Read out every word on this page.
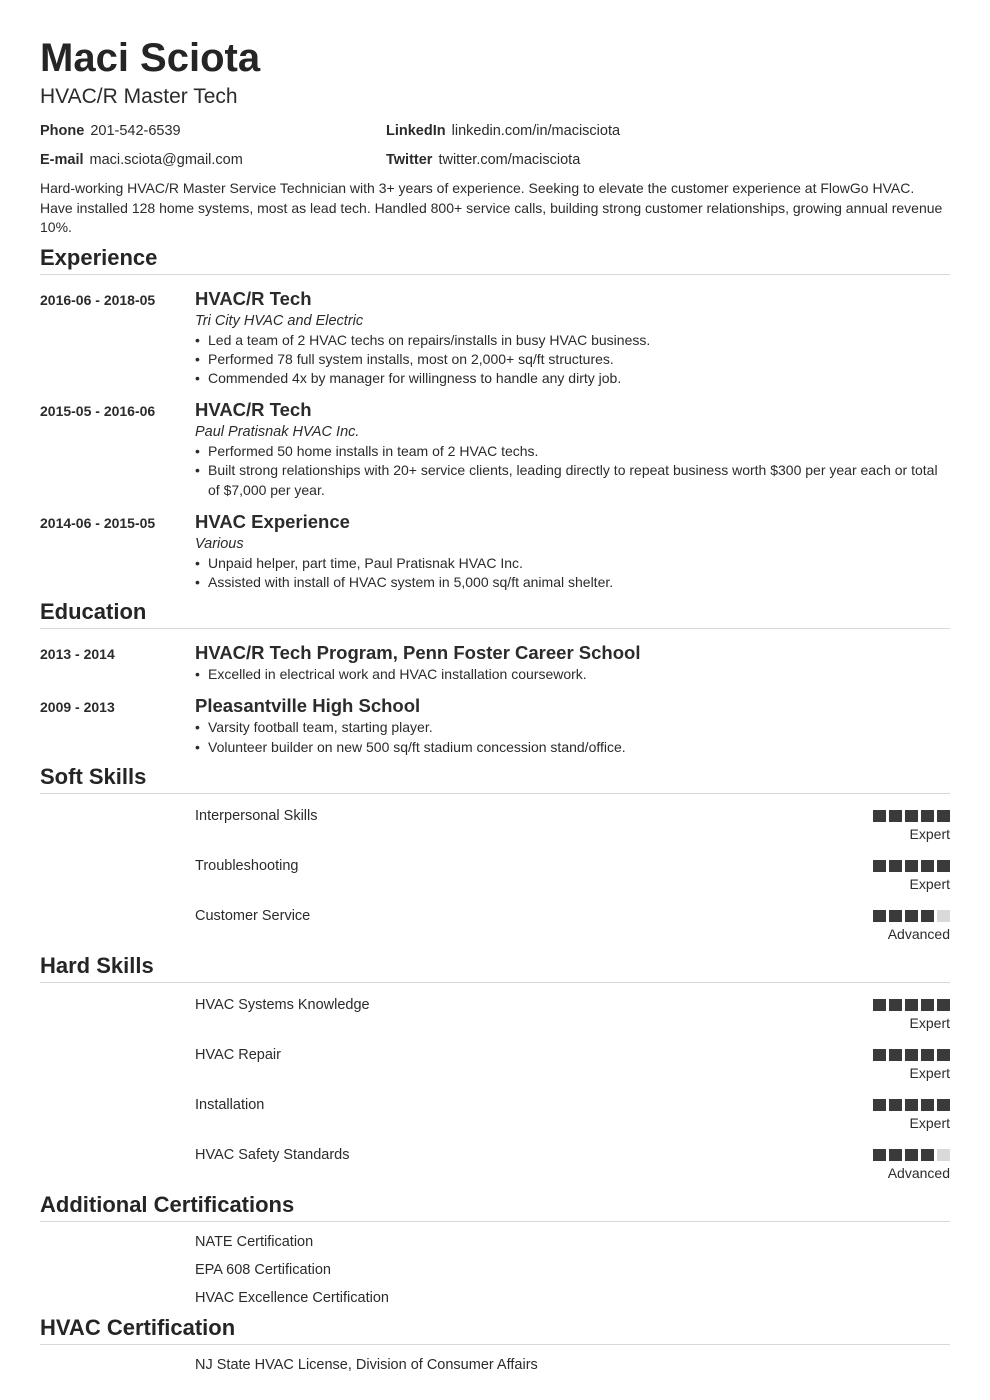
Maci Sciota
HVAC/R Master Tech
Phone 201-542-6539	LinkedIn linkedin.com/in/macisciota
E-mail maci.sciota@gmail.com	Twitter twitter.com/macisciota
Hard-working HVAC/R Master Service Technician with 3+ years of experience. Seeking to elevate the customer experience at FlowGo HVAC. Have installed 128 home systems, most as lead tech. Handled 800+ service calls, building strong customer relationships, growing annual revenue 10%.
Experience
2016-06 - 2018-05	HVAC/R Tech
Tri City HVAC and Electric
• Led a team of 2 HVAC techs on repairs/installs in busy HVAC business.
• Performed 78 full system installs, most on 2,000+ sq/ft structures.
• Commended 4x by manager for willingness to handle any dirty job.
2015-05 - 2016-06	HVAC/R Tech
Paul Pratisnak HVAC Inc.
• Performed 50 home installs in team of 2 HVAC techs.
• Built strong relationships with 20+ service clients, leading directly to repeat business worth $300 per year each or total of $7,000 per year.
2014-06 - 2015-05	HVAC Experience
Various
• Unpaid helper, part time, Paul Pratisnak HVAC Inc.
• Assisted with install of HVAC system in 5,000 sq/ft animal shelter.
Education
2013 - 2014	HVAC/R Tech Program, Penn Foster Career School
• Excelled in electrical work and HVAC installation coursework.
2009 - 2013	Pleasantville High School
• Varsity football team, starting player.
• Volunteer builder on new 500 sq/ft stadium concession stand/office.
Soft Skills
Interpersonal Skills
Expert
Troubleshooting
Expert
Customer Service
Advanced
Hard Skills
HVAC Systems Knowledge
Expert
HVAC Repair
Expert
Installation
Expert
HVAC Safety Standards
Advanced
Additional Certifications
NATE Certification
EPA 608 Certification
HVAC Excellence Certification
HVAC Certification
NJ State HVAC License, Division of Consumer Affairs
